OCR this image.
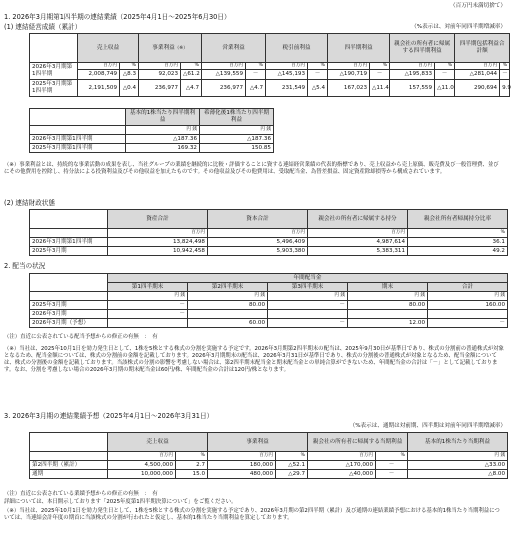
（百万円未満切捨て）
1. 2026年3月期第1四半期の連結業績（2025年4月1日～2025年6月30日）
(1) 連結経営成績（累計）	（%表示は、対前年同四半期増減率）
	売上収益		事業利益（※）		営業利益		税引前利益		四半期利益		親会社の所有者に帰属する四半期利益		四半期包括利益合計額	
2026年3月期第1四半期	百万円	%	百万円	%	百万円	%	百万円	%	百万円	%	百万円	%	百万円	%
	2,008,749	△8.3	92,023	△61.2	△139,559	－	△145,193	－	△190,719	－	△195,833	－	△281,044	－
2025年3月期第1四半期	2,191,509	△0.4	236,977	△4.7	236,977	△4.7	231,549	△5.4	167,023	△11.4	157,559	△11.0	290,694	9.9
	基本的1株当たり四半期利益	希薄化後1株当たり四半期利益
	円 銭	円 銭
2026年3月期第1四半期	△187.36	△187.36
2025年3月期第1四半期	169.32	150.85
（※）事業利益とは、持続的な事業活動の成果を表し、当社グループの業績を継続的に比較・評価することに資する連結経営業績の代表的指標であり、売上収益から売上原価、販売費及び一般管理費、並びにその他費用を控除し、持分法による投資利益及びその他収益を加えたものです。その他収益及びその他費用は、受取配当金、為替差損益、固定資産除却損等から構成されています。
(2) 連結財政状態
	資産合計	資本合計	親会社の所有者に帰属する持分	親会社所有者帰属持分比率
	百万円	百万円	百万円	%
2026年3月期第1四半期	13,824,498	5,496,409	4,987,614	36.1
2025年3月期	10,942,458	5,903,380	5,383,311	49.2
2. 配当の状況
	年間配当金				
	第1四半期末	第2四半期末	第3四半期末	期末	合計
	円 銭	円 銭	円 銭	円 銭	円 銭
2025年3月期	－	80.00	－	80.00	160.00
2026年3月期	－				
2026年3月期（予想）		60.00	－	12.00	－
（注）直近に公表されている配当予想からの修正の有無　：　有
（※）当社は、2025年10月1日を効力発生日として、1株を5株とする株式の分割を実施する予定です。2026年3月期第2四半期末の配当は、2025年9月30日が基準日であり、株式の分割前の普通株式が対象となるため、配当金額については、株式の分割前の金額を記載しております。2026年3月期期末の配当は、2026年3月31日が基準日であり、株式の分割後の普通株式が対象となるため、配当金額については、株式の分割後の金額を記載しております。当該株式の分割の影響を考慮しない場合は、第2四半期末配当金と期末配当金との単純合算ができないため、年間配当金の合計は「－」として記載しております。なお、分割を考慮しない場合の2026年3月期の期末配当金は60円/株、年間配当金の合計は120円/株となります。
3. 2026年3月期の連結業績予想（2025年4月1日～2026年3月31日）
（%表示は、通期は対前期、四半期は対前年同四半期増減率）
	売上収益		事業利益		親会社の所有者に帰属する当期利益		基本的1株当たり当期利益
	百万円	%	百万円	%	百万円	%	円 銭
第2四半期（累計）	4,500,000	2.7	180,000	△52.1	△170,000	－	△33.00
通期	10,000,000	15.0	480,000	△29.7	△40,000	－	△8.00
（注）直近に公表されている業績予想からの修正の有無　：　有
詳細については、本日開示しております「2025年度第1四半期決算について」をご覧ください。
（※）当社は、2025年10月1日を効力発生日として、1株を5株とする株式の分割を実施する予定であり、2026年3月期の第2四半期（累計）及び通期の連結業績予想における基本的1株当たり当期利益については、当連結会計年度の期首に当該株式の分割が行われたと仮定し、基本的1株当たり当期利益を算定しております。
